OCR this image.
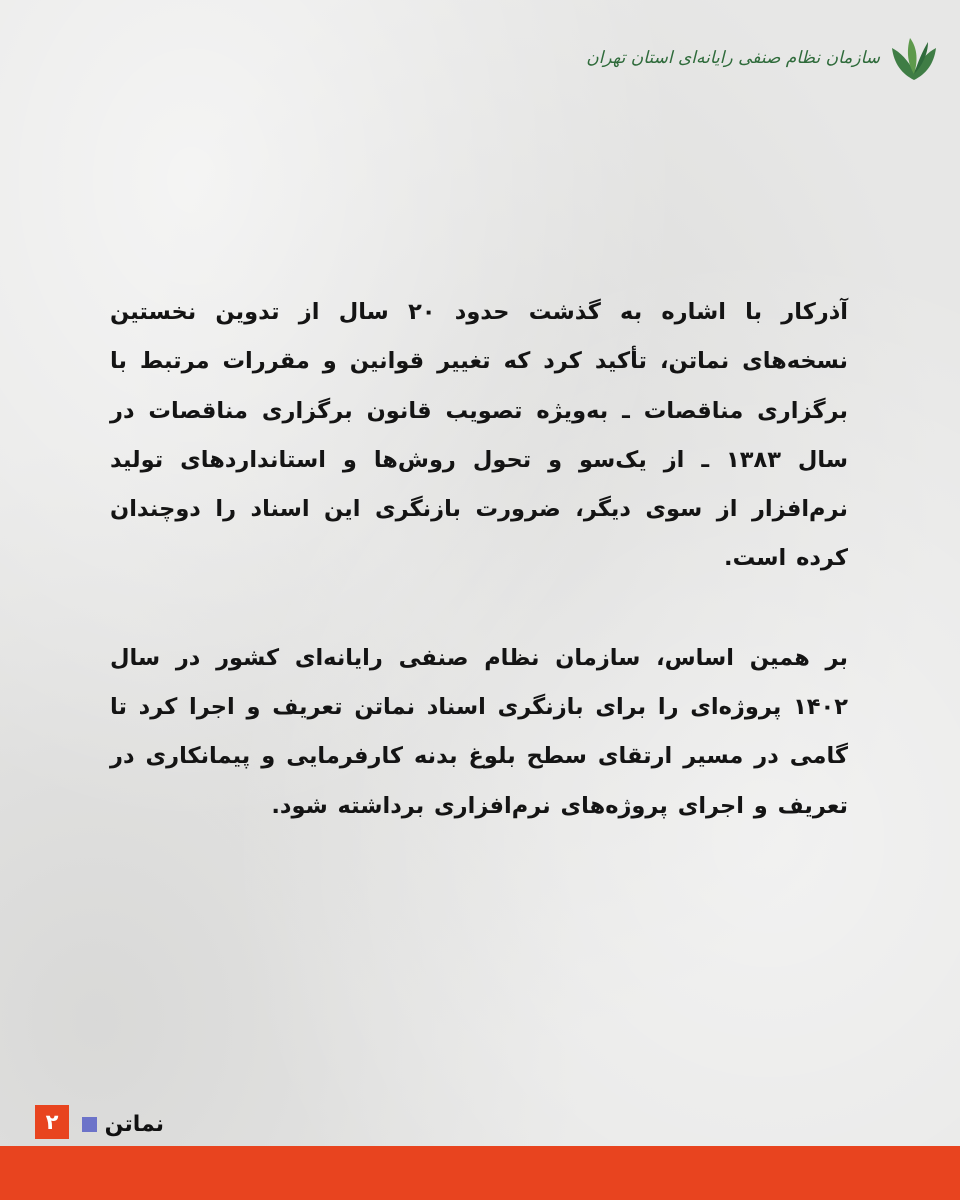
سازمان نظام صنفی رایانه‌ای استان تهران

آذرکار با اشاره به گذشت حدود ۲۰ سال از تدوین نخستین نسخه‌های نماتن، تأکید کرد که تغییر قوانین و مقررات مرتبط با برگزاری مناقصات ـ به‌ویژه تصویب قانون برگزاری مناقصات در سال ۱۳۸۳ ـ از یک‌سو و تحول روش‌ها و استانداردهای تولید نرم‌افزار از سوی دیگر، ضرورت بازنگری این اسناد را دوچندان کرده است.

بر همین اساس، سازمان نظام صنفی رایانه‌ای کشور در سال ۱۴۰۲ پروژه‌ای را برای بازنگری اسناد نماتن تعریف و اجرا کرد تا گامی در مسیر ارتقای سطح بلوغ بدنه کارفرمایی و پیمانکاری در تعریف و اجرای پروژه‌های نرم‌افزاری برداشته شود.

نماتن
۲
